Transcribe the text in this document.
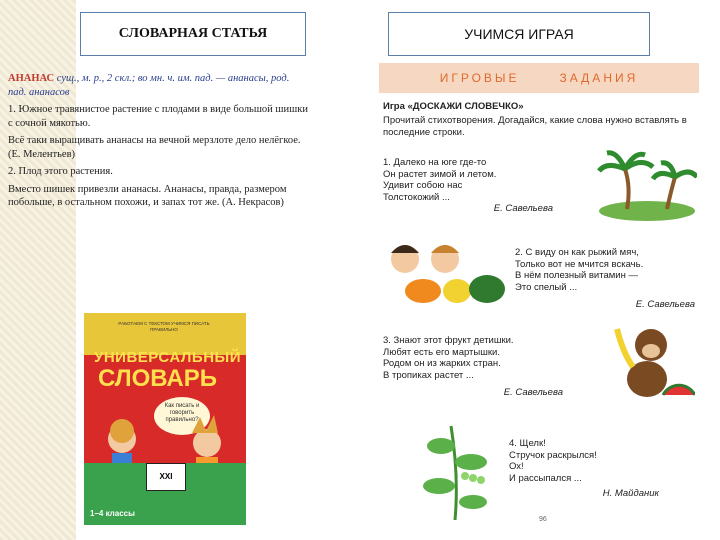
СЛОВАРНАЯ СТАТЬЯ	УЧИМСЯ ИГРАЯ

АНАНАС сущ., м. р., 2 скл.; во мн. ч. им. пад. — ананасы, род. пад. ананасов

1. Южное травянистое растение с плодами в виде большой шишки с сочной мякотью.

Всё таки выращивать ананасы на вечной мерзлоте дело нелёгкое. (Е. Мелентьев)

2. Плод этого растения.

Вместо шишек привезли ананасы. Ананасы, правда, размером побольше, в остальном похожи, и запах тот же. (А. Некрасов)

РАБОТАЕМ С ТЕКСТОМ УЧИМСЯ ПИСАТЬ ПРАВИЛЬНО
УНИВЕРСАЛЬНЫЙ
СЛОВАРЬ
Как писать и говорить правильно?
XXI
1–4 классы
ИГРОВЫЕ	ЗАДАНИЯ
Игра «ДОСКАЖИ СЛОВЕЧКО»
Прочитай стихотворения. Догадайся, какие слова нужно вставлять в последние строки.
1. Далеко на юге где-то
Он растет зимой и летом.
Удивит собою нас
Толстокожий ...
Е. Савельева
2. С виду он как рыжий мяч,
Только вот не мчится вскачь.
В нём полезный витамин —
Это спелый ...
Е. Савельева
3. Знают этот фрукт детишки.
Любят есть его мартышки.
Родом он из жарких стран.
В тропиках растет ...
Е. Савельева
4. Щелк!
Стручок раскрылся!
Ох!
И рассыпался ...
Н. Майданик
96
